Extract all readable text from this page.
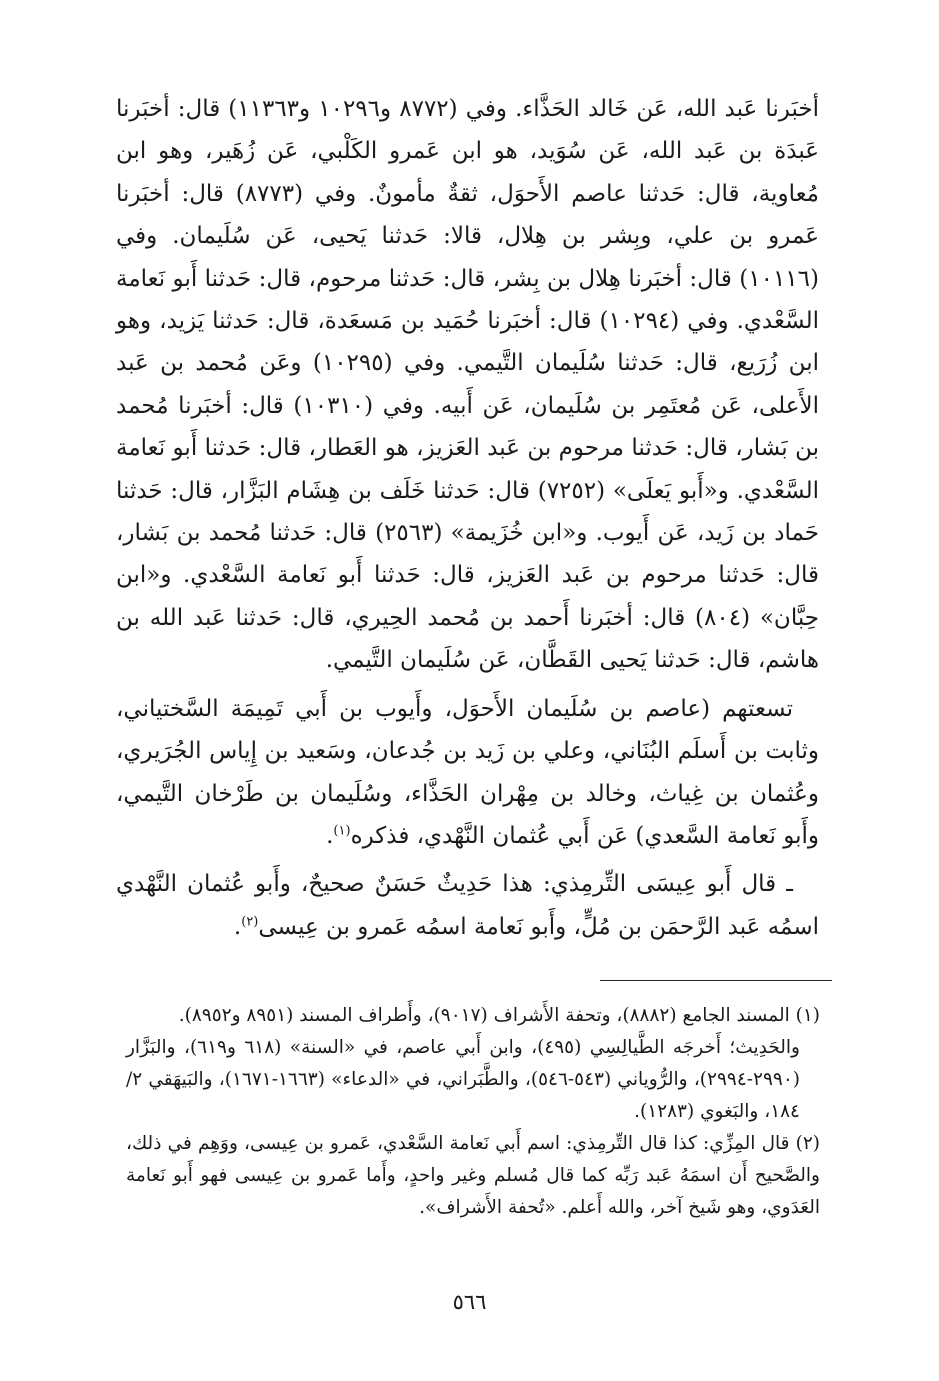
أخبَرنا عَبد الله، عَن خَالد الحَذَّاء. وفي (٨٧٧٢ و١٠٢٩٦ و١١٣٦٣) قال: أخبَرنا عَبدَة بن عَبد الله، عَن سُوَيد، هو ابن عَمرو الكَلْبي، عَن زُهَير، وهو ابن مُعاوية، قال: حَدثنا عاصم الأَحوَل، ثقةٌ مأمونٌ. وفي (٨٧٧٣) قال: أخبَرنا عَمرو بن علي، وبِشر بن هِلال، قالا: حَدثنا يَحيى، عَن سُلَيمان. وفي (١٠١١٦) قال: أخبَرنا هِلال بن بِشر، قال: حَدثنا مرحوم، قال: حَدثنا أَبو نَعامة السَّعْدي. وفي (١٠٢٩٤) قال: أخبَرنا حُمَيد بن مَسعَدة، قال: حَدثنا يَزيد، وهو ابن زُرَيع، قال: حَدثنا سُلَيمان التَّيمي. وفي (١٠٢٩٥) وعَن مُحمد بن عَبد الأَعلى، عَن مُعتَمِر بن سُلَيمان، عَن أَبيه. وفي (١٠٣١٠) قال: أخبَرنا مُحمد بن بَشار، قال: حَدثنا مرحوم بن عَبد العَزيز، هو العَطار، قال: حَدثنا أَبو نَعامة السَّعْدي. و«أَبو يَعلَى» (٧٢٥٢) قال: حَدثنا خَلَف بن هِشَام البَزَّار، قال: حَدثنا حَماد بن زَيد، عَن أَيوب. و«ابن خُزَيمة» (٢٥٦٣) قال: حَدثنا مُحمد بن بَشار، قال: حَدثنا مرحوم بن عَبد العَزيز، قال: حَدثنا أَبو نَعامة السَّعْدي. و«ابن حِبَّان» (٨٠٤) قال: أخبَرنا أَحمد بن مُحمد الحِيري، قال: حَدثنا عَبد الله بن هاشم، قال: حَدثنا يَحيى القَطَّان، عَن سُلَيمان التَّيمي.

تسعتهم (عاصم بن سُلَيمان الأَحوَل، وأَيوب بن أَبي تَمِيمَة السَّختياني، وثابت بن أَسلَم البُنَاني، وعلي بن زَيد بن جُدعان، وسَعيد بن إِياس الجُرَيري، وعُثمان بن غِياث، وخالد بن مِهْران الحَذَّاء، وسُلَيمان بن طَرْخان التَّيمي، وأَبو نَعامة السَّعدي) عَن أَبي عُثمان النَّهْدي، فذكره$^{(١)}$.

ـ قال أَبو عِيسَى التِّرمِذي: هذا حَدِيثٌ حَسَنٌ صحيحٌ، وأَبو عُثمان النَّهْدي اسمُه عَبد الرَّحمَن بن مُلٍّ، وأَبو نَعامة اسمُه عَمرو بن عِيسى$^{(٢)}$.

(١) المسند الجامع (٨٨٨٢)، وتحفة الأَشراف (٩٠١٧)، وأَطراف المسند (٨٩٥١ و٨٩٥٢).

والحَدِيث؛ أَخرجَه الطَّيالِسِي (٤٩٥)، وابن أَبي عاصم، في «السنة» (٦١٨ و٦١٩)، والبَزَّار (٢٩٩٠-٢٩٩٤)، والرُّوياني (٥٤٣-٥٤٦)، والطَّبَراني، في «الدعاء» (١٦٦٣-١٦٧١)، والبَيهَقي ٢/ ١٨٤، والبَغوي (١٢٨٣).

(٢) قال المِزِّي: كذا قال التِّرمِذي: اسم أَبي نَعامة السَّعْدي، عَمرو بن عِيسى، ووَهِم في ذلك، والصَّحيح أَن اسمَهُ عَبد رَبِّه كما قال مُسلم وغير واحدٍ، وأَما عَمرو بن عِيسى فهو أَبو نَعامة العَدَوي، وهو شَيخ آخر، والله أَعلم. «تُحفة الأَشراف».

٥٦٦
